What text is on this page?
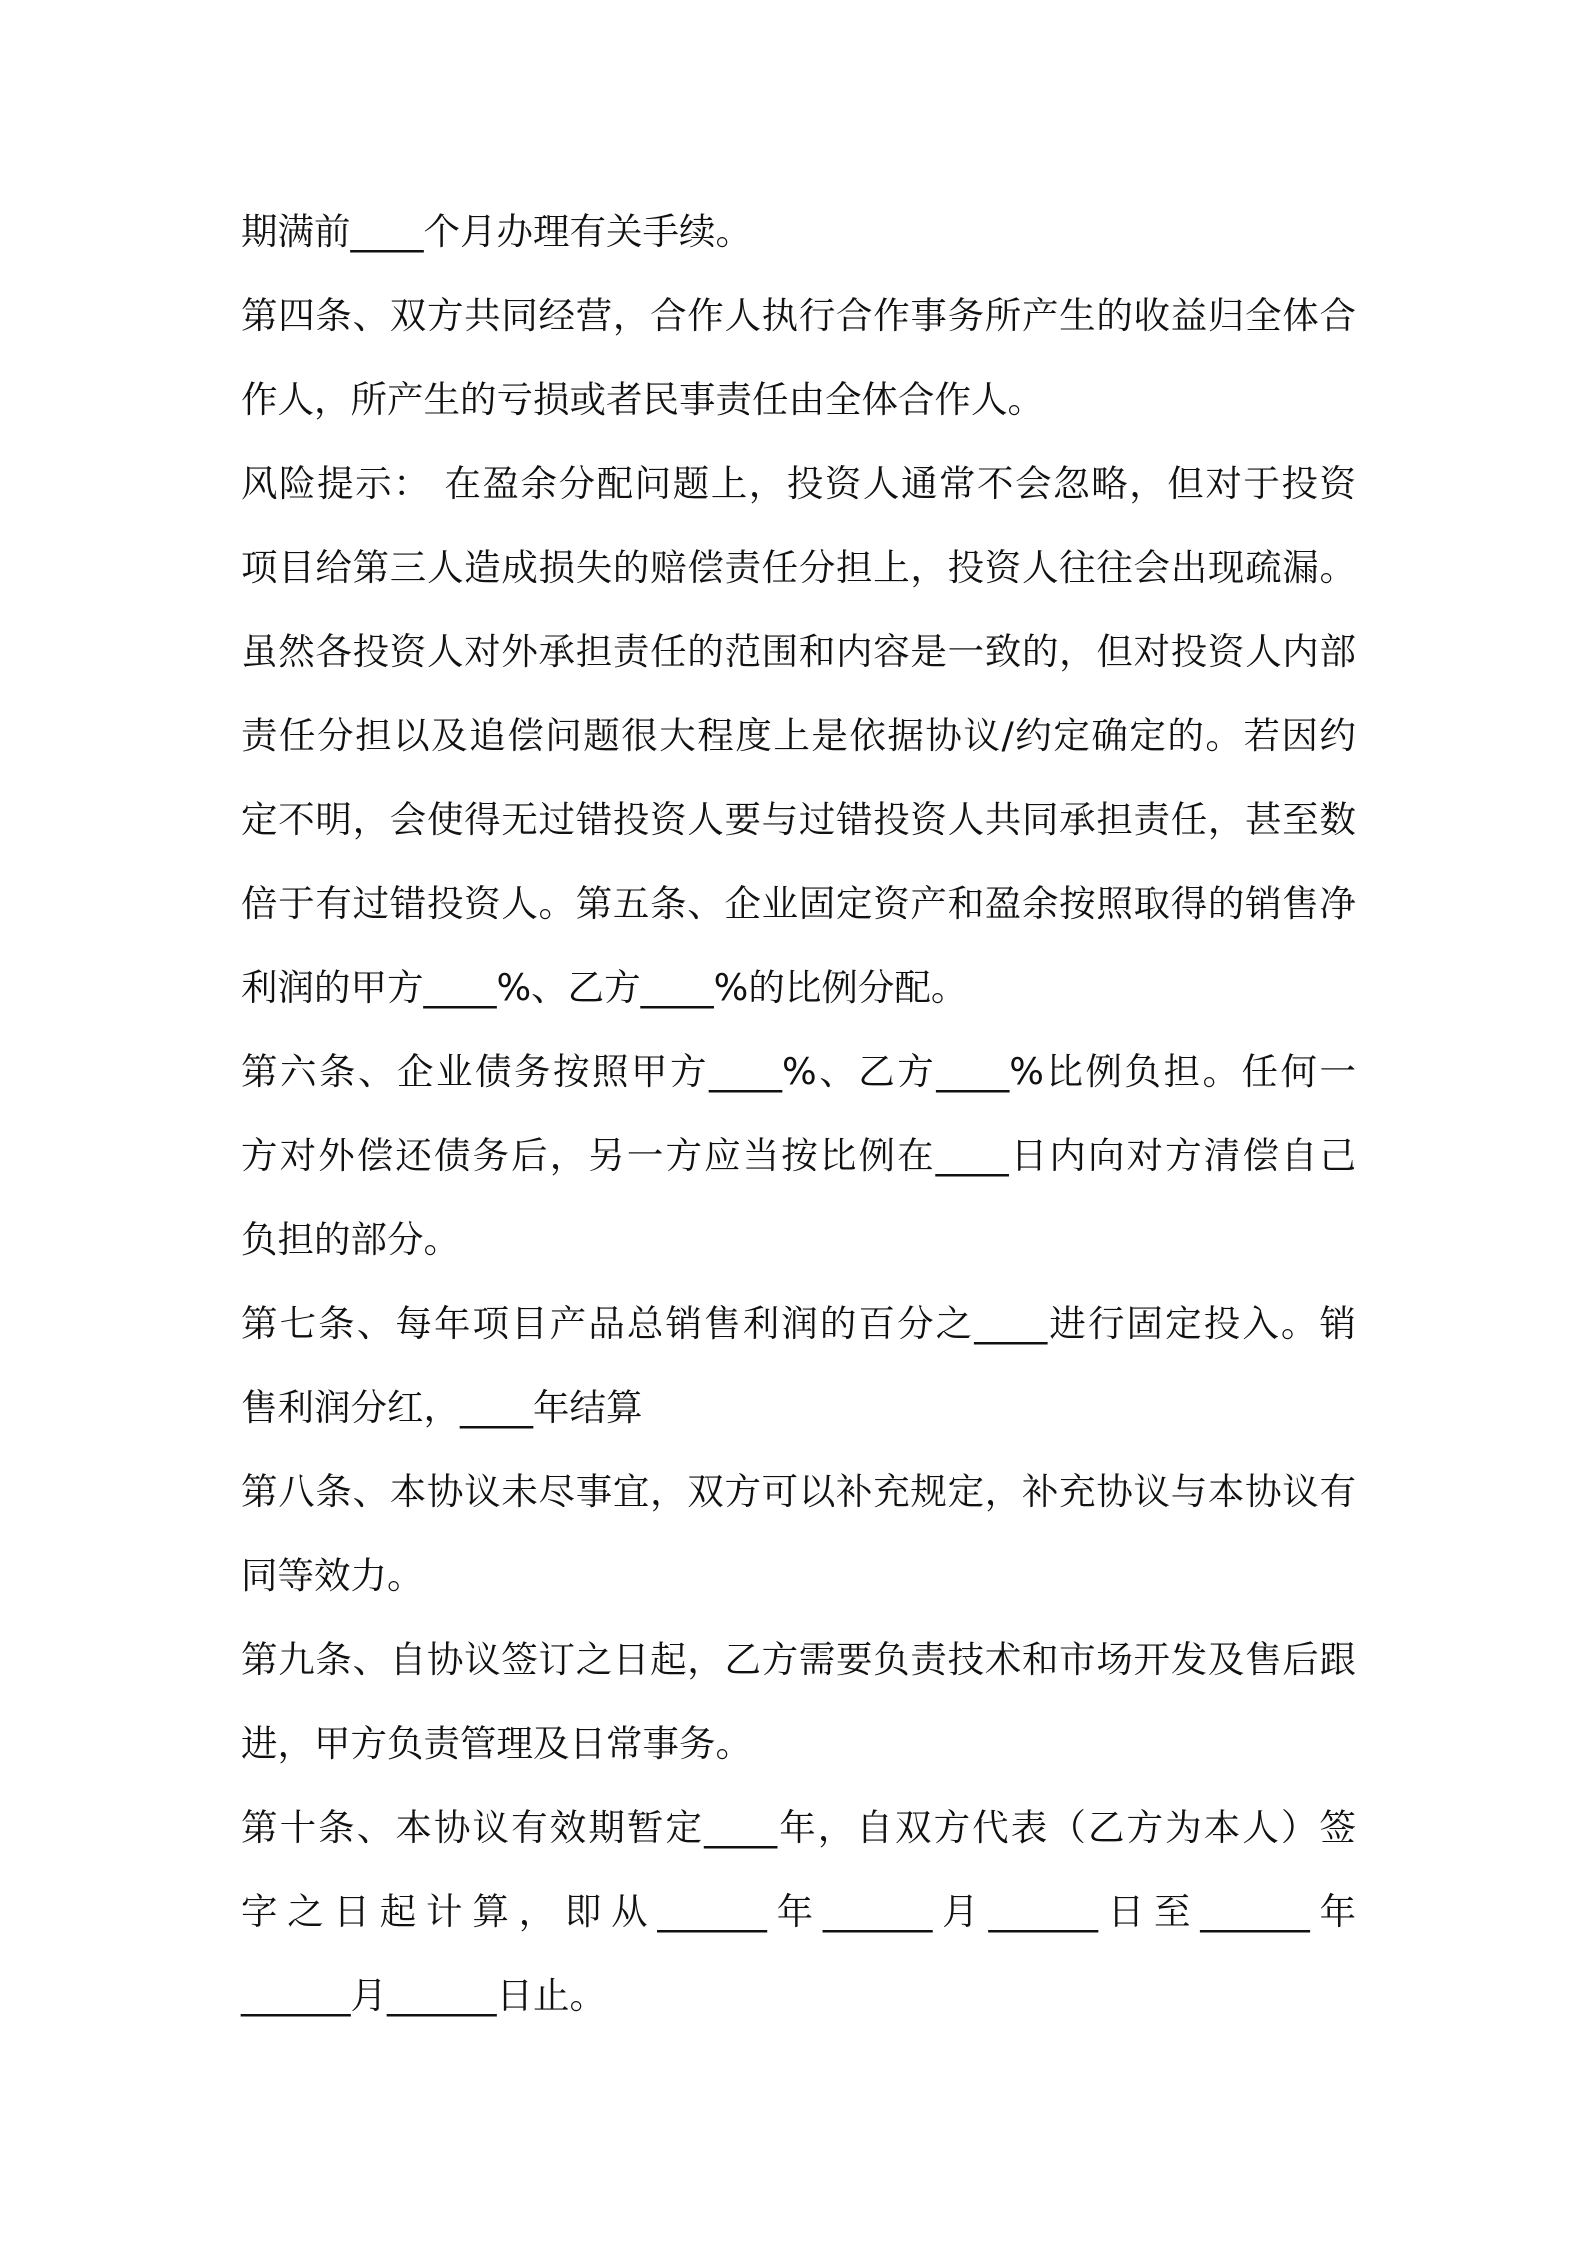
期满前____个月办理有关手续。
第四条、双方共同经营，合作人执行合作事务所产生的收益归全体合
作人，所产生的亏损或者民事责任由全体合作人。
风险提示： 在盈余分配问题上，投资人通常不会忽略，但对于投资
项目给第三人造成损失的赔偿责任分担上，投资人往往会出现疏漏。
虽然各投资人对外承担责任的范围和内容是一致的，但对投资人内部
责任分担以及追偿问题很大程度上是依据协议/约定确定的。若因约
定不明，会使得无过错投资人要与过错投资人共同承担责任，甚至数
倍于有过错投资人。第五条、企业固定资产和盈余按照取得的销售净
利润的甲方____%、乙方____%的比例分配。
第六条、企业债务按照甲方____%、乙方____%比例负担。任何一
方对外偿还债务后，另一方应当按比例在____日内向对方清偿自己
负担的部分。
第七条、每年项目产品总销售利润的百分之____进行固定投入。销
售利润分红，____年结算
第八条、本协议未尽事宜，双方可以补充规定，补充协议与本协议有
同等效力。
第九条、自协议签订之日起，乙方需要负责技术和市场开发及售后跟
进，甲方负责管理及日常事务。
第十条、本协议有效期暂定____年，自双方代表（乙方为本人）签
字之日起计算，即从______年______月______日至______年
______月______日止。
